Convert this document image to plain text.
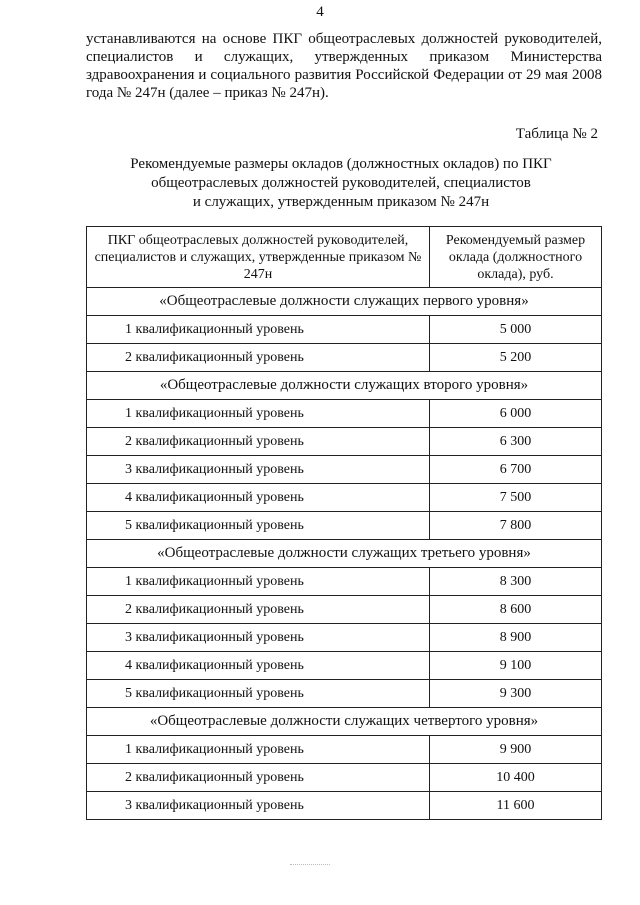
4

устанавливаются на основе ПКГ общеотраслевых должностей руководителей, специалистов и служащих, утвержденных приказом Министерства здравоохранения и социального развития Российской Федерации от 29 мая 2008 года № 247н (далее – приказ № 247н).

Таблица № 2
Рекомендуемые размеры окладов (должностных окладов) по ПКГ
общеотраслевых должностей руководителей, специалистов
и служащих, утвержденным приказом № 247н
ПКГ общеотраслевых должностей руководителей, специалистов и служащих, утвержденные приказом № 247н	Рекомендуемый размер оклада (должностного оклада), руб.
«Общеотраслевые должности служащих первого уровня»	
1 квалификационный уровень	5 000
2 квалификационный уровень	5 200
«Общеотраслевые должности служащих второго уровня»	
1 квалификационный уровень	6 000
2 квалификационный уровень	6 300
3 квалификационный уровень	6 700
4 квалификационный уровень	7 500
5 квалификационный уровень	7 800
«Общеотраслевые должности служащих третьего уровня»	
1 квалификационный уровень	8 300
2 квалификационный уровень	8 600
3 квалификационный уровень	8 900
4 квалификационный уровень	9 100
5 квалификационный уровень	9 300
«Общеотраслевые должности служащих четвертого уровня»	
1 квалификационный уровень	9 900
2 квалификационный уровень	10 400
3 квалификационный уровень	11 600
